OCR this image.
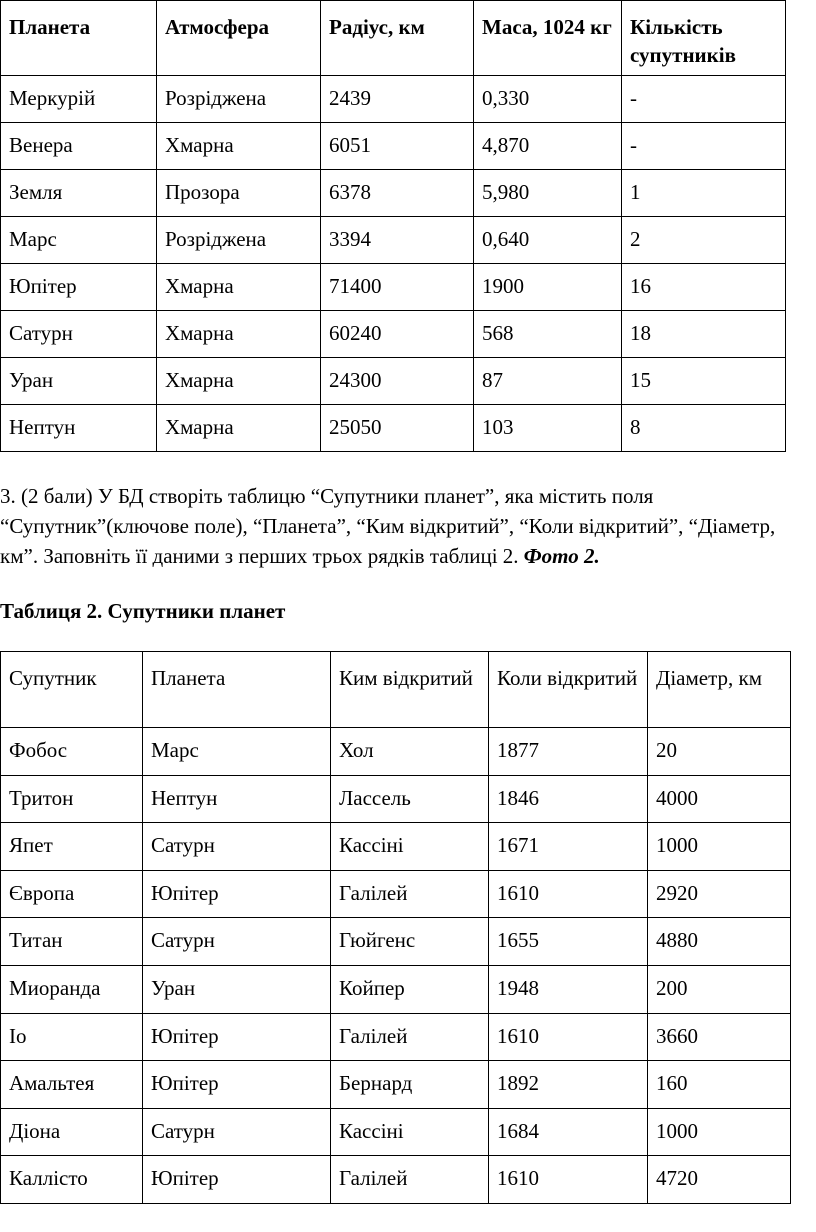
Планета	Атмосфера	Радіус, км	Маса, 1024 кг	Кількість супутників
Меркурій	Розріджена	2439	0,330	-
Венера	Хмарна	6051	4,870	-
Земля	Прозора	6378	5,980	1
Марс	Розріджена	3394	0,640	2
Юпітер	Хмарна	71400	1900	16
Сатурн	Хмарна	60240	568	18
Уран	Хмарна	24300	87	15
Нептун	Хмарна	25050	103	8
3. (2 бали) У БД створіть таблицю “Супутники планет”, яка містить поля “Супутник”(ключове поле), “Планета”, “Ким відкритий”, “Коли відкритий”, “Діаметр, км”. Заповніть її даними з перших трьох рядків таблиці 2. Фото 2.
Таблиця 2. Супутники планет
Супутник	Планета	Ким відкритий	Коли відкритий	Діаметр, км
Фобос	Марс	Хол	1877	20
Тритон	Нептун	Лассель	1846	4000
Япет	Сатурн	Кассіні	1671	1000
Європа	Юпітер	Галілей	1610	2920
Титан	Сатурн	Гюйгенс	1655	4880
Миоранда	Уран	Койпер	1948	200
Іо	Юпітер	Галілей	1610	3660
Амальтея	Юпітер	Бернард	1892	160
Діона	Сатурн	Кассіні	1684	1000
Каллісто	Юпітер	Галілей	1610	4720
